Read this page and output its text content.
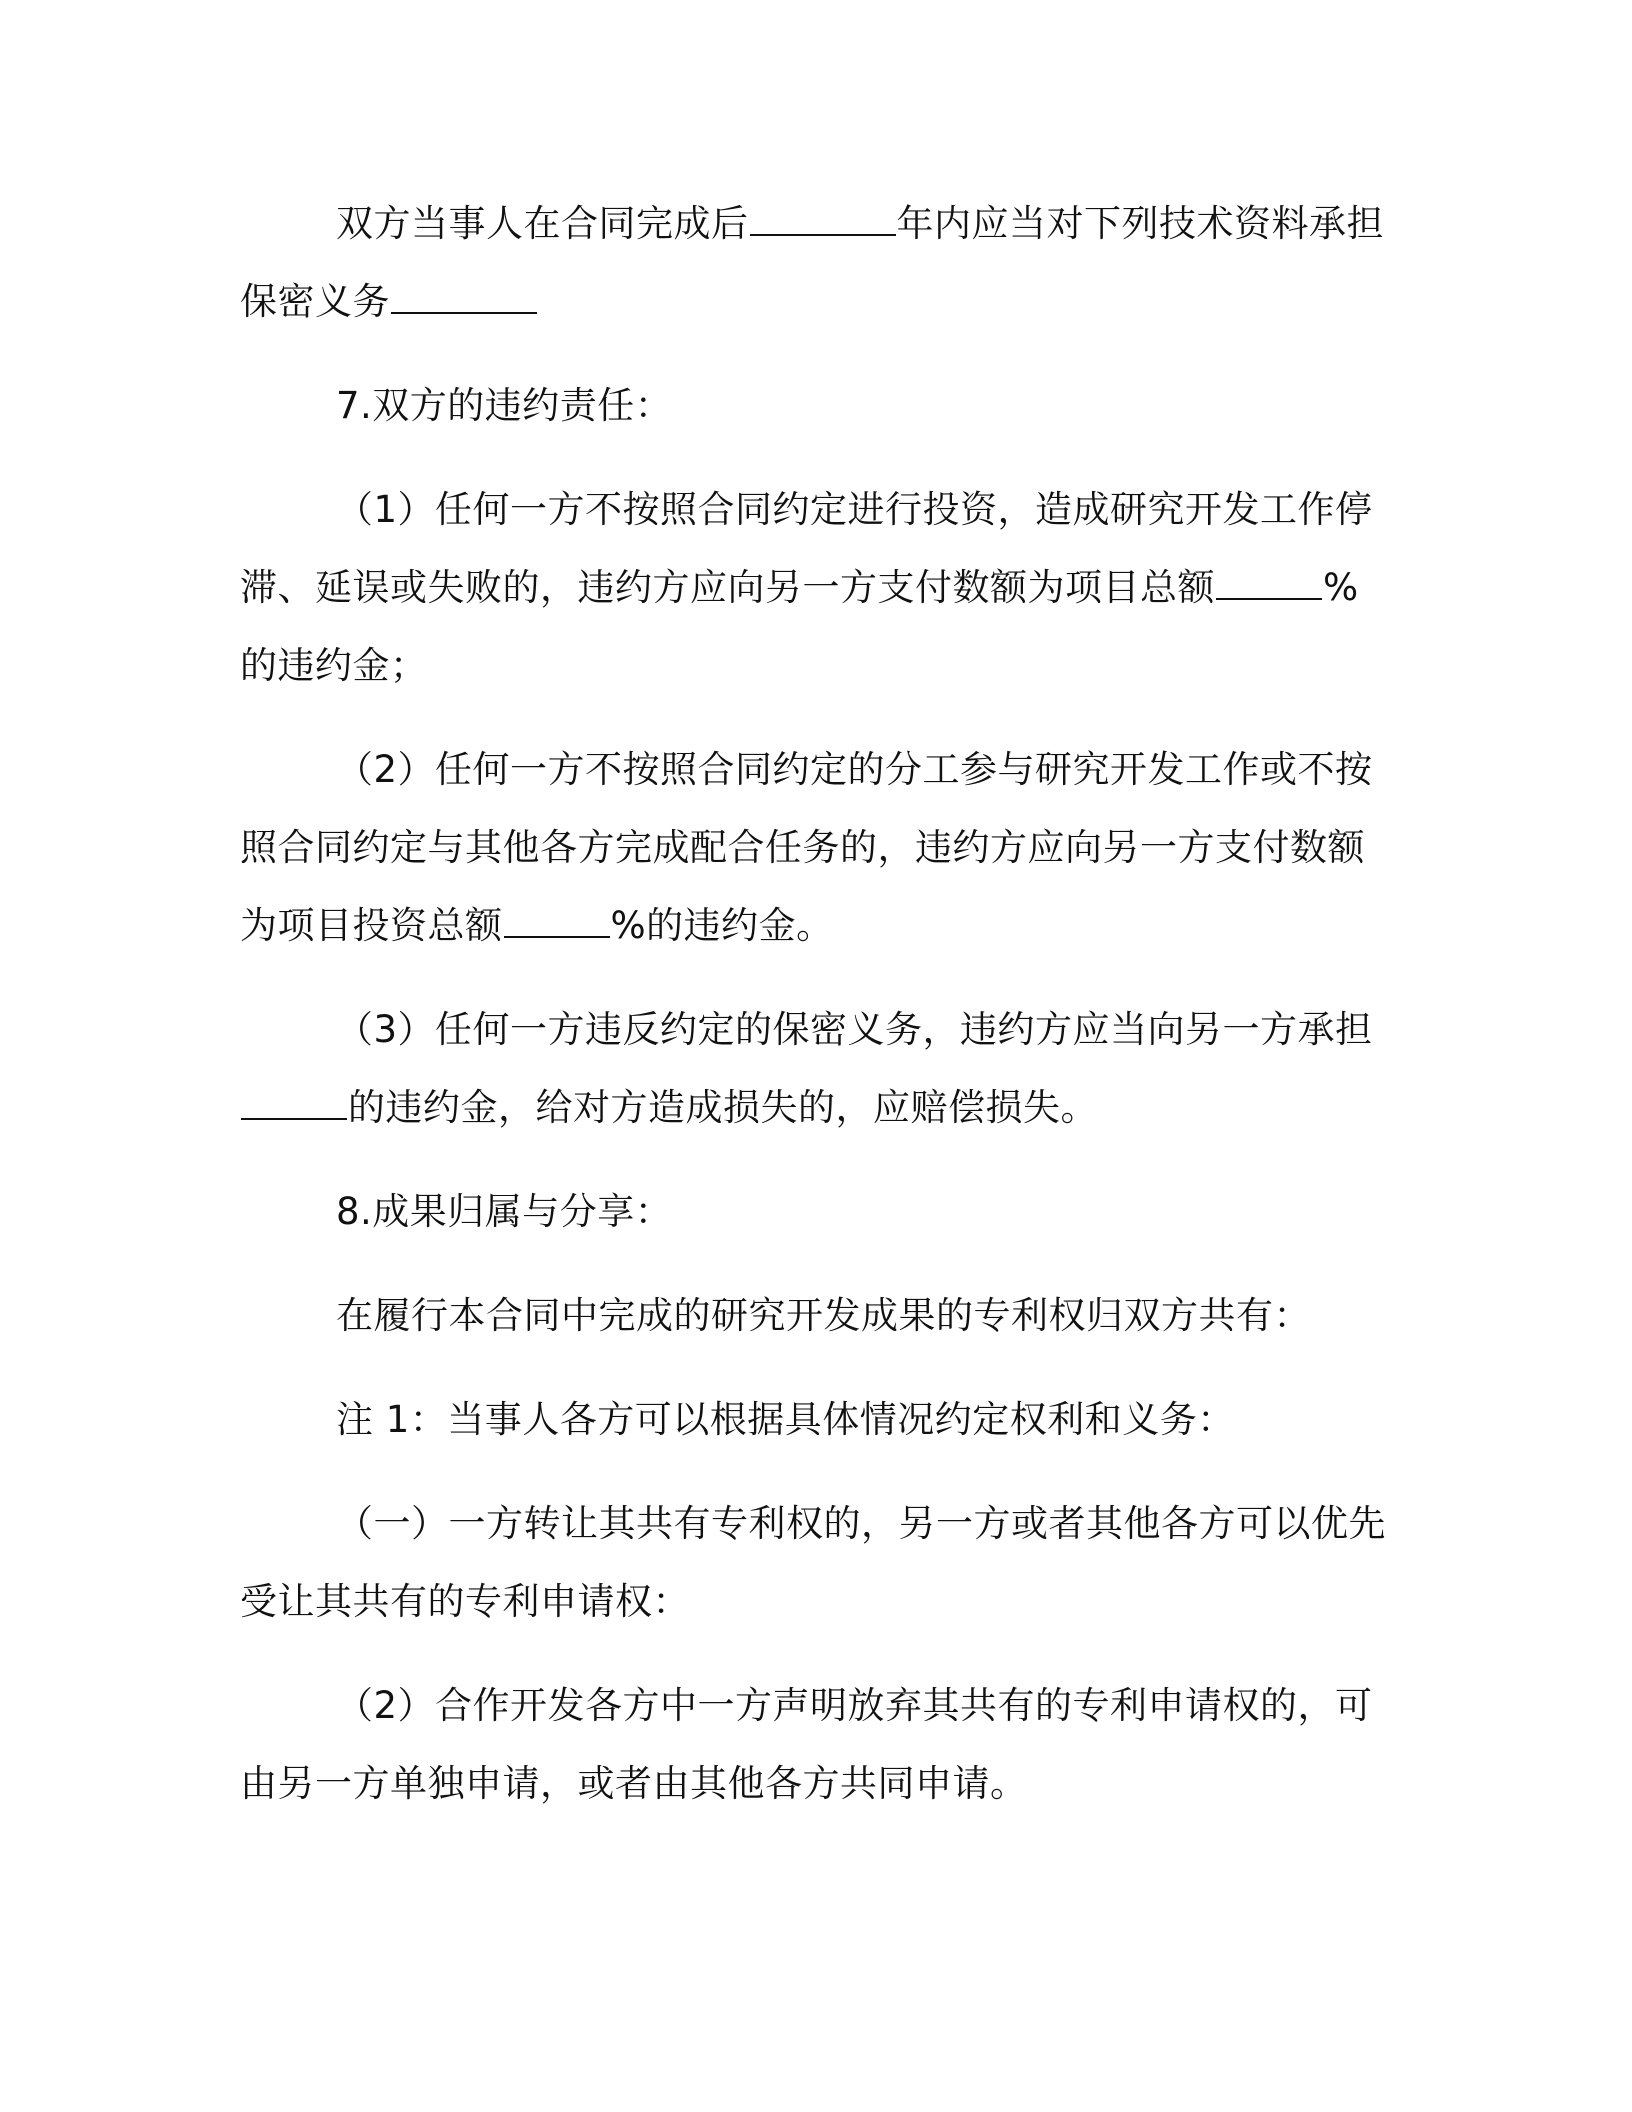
双方当事人在合同完成后	年内应当对下列技术资料承担保密义务

7.双方的违约责任：

（1）任何一方不按照合同约定进行投资，造成研究开发工作停滞、延误或失败的，违约方应向另一方支付数额为项目总额	%的违约金；

（2）任何一方不按照合同约定的分工参与研究开发工作或不按照合同约定与其他各方完成配合任务的，违约方应向另一方支付数额为项目投资总额	%的违约金。

（3）任何一方违反约定的保密义务，违约方应当向另一方承担的违约金，给对方造成损失的，应赔偿损失。

8.成果归属与分享：

在履行本合同中完成的研究开发成果的专利权归双方共有：

注 1：当事人各方可以根据具体情况约定权利和义务：

（一）一方转让其共有专利权的，另一方或者其他各方可以优先受让其共有的专利申请权：

（2）合作开发各方中一方声明放弃其共有的专利申请权的，可由另一方单独申请，或者由其他各方共同申请。
